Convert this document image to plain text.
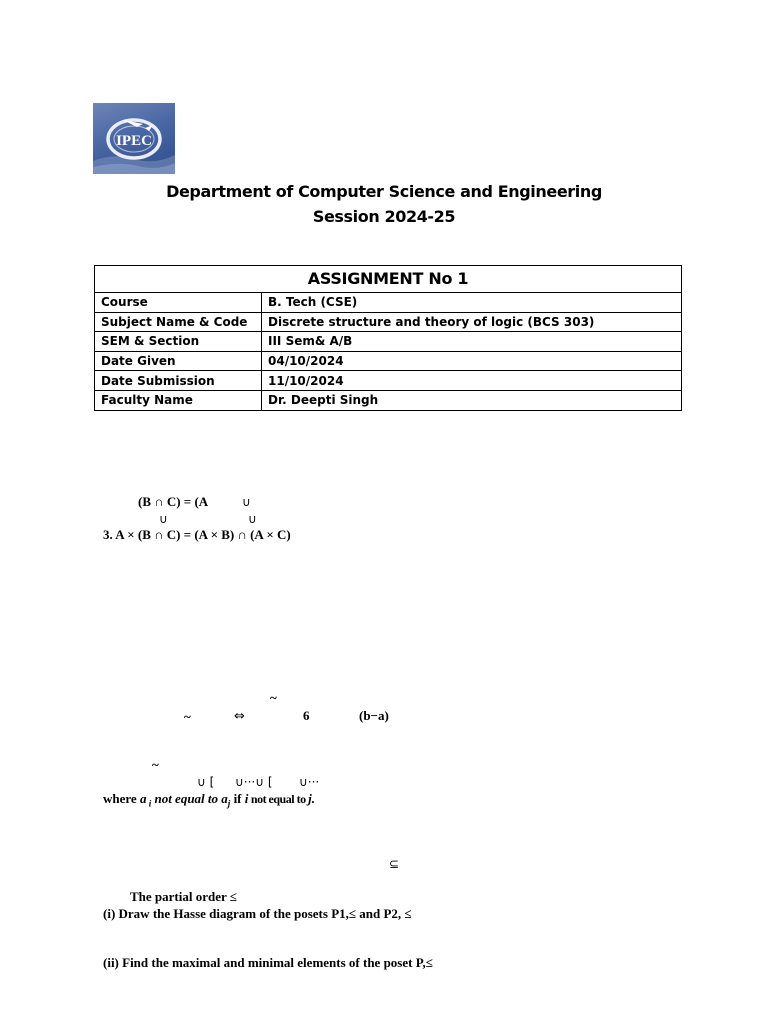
IPEC
Department of Computer Science and Engineering
Session 2024-25
ASSIGNMENT No 1	
Course	B. Tech (CSE)
Subject Name & Code	Discrete structure and theory of logic (BCS 303)
SEM & Section	III Sem& A/B
Date Given	04/10/2024
Date Submission	11/10/2024
Faculty Name	Dr. Deepti Singh
(B ∩ C) = (A	∪
∪	∪
3. A × (B ∩ C) = (A × B) ∩ (A × C)
~
~	⇔	6	(b−a)
~
∪ [ ∪···∪ [ ∪···
where a $_i$ not equal to $a_j$ if i not equal to j.
⊆
The partial order ≤
(i) Draw the Hasse diagram of the posets P1,≤ and P2, ≤
(ii) Find the maximal and minimal elements of the poset P,≤
